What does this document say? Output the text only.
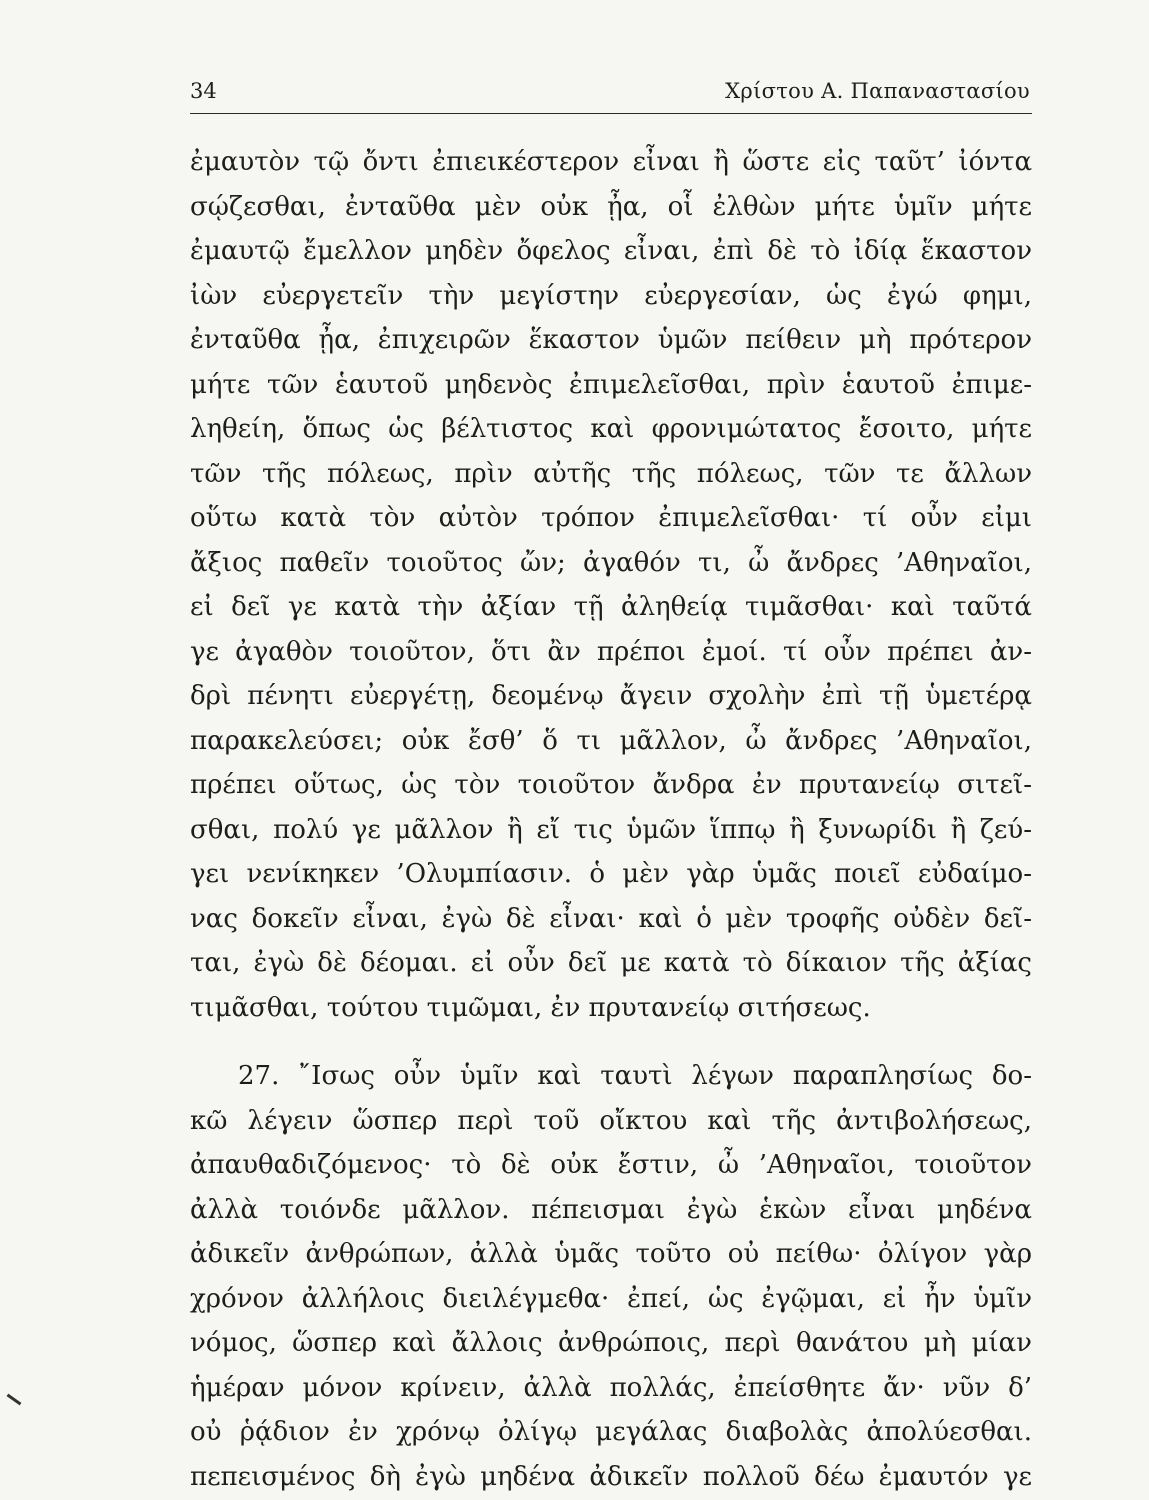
34	Χρίστου Α. Παπαναστασίου
ἐμαυτὸν τῷ ὄντι ἐπιεικέστερον εἶναι ἢ ὥστε εἰς ταῦτ’ ἰόντα
σῴζεσθαι, ἐνταῦθα μὲν οὐκ ᾖα, οἷ ἐλθὼν μήτε ὑμῖν μήτε
ἐμαυτῷ ἔμελλον μηδὲν ὄφελος εἶναι, ἐπὶ δὲ τὸ ἰδίᾳ ἕκαστον
ἰὼν εὐεργετεῖν τὴν μεγίστην εὐεργεσίαν, ὡς ἐγώ φημι,
ἐνταῦθα ᾖα, ἐπιχειρῶν ἕκαστον ὑμῶν πείθειν μὴ πρότερον
μήτε τῶν ἑαυτοῦ μηδενὸς ἐπιμελεῖσθαι, πρὶν ἑαυτοῦ ἐπιμε-
ληθείη, ὅπως ὡς βέλτιστος καὶ φρονιμώτατος ἔσοιτο, μήτε
τῶν τῆς πόλεως, πρὶν αὐτῆς τῆς πόλεως, τῶν τε ἄλλων
οὕτω κατὰ τὸν αὐτὸν τρόπον ἐπιμελεῖσθαι· τί οὖν εἰμι
ἄξιος παθεῖν τοιοῦτος ὤν; ἀγαθόν τι, ὦ ἄνδρες ’Αθηναῖοι,
εἰ δεῖ γε κατὰ τὴν ἀξίαν τῇ ἀληθείᾳ τιμᾶσθαι· καὶ ταῦτά
γε ἀγαθὸν τοιοῦτον, ὅτι ἂν πρέποι ἐμοί. τί οὖν πρέπει ἀν-
δρὶ πένητι εὐεργέτῃ, δεομένῳ ἄγειν σχολὴν ἐπὶ τῇ ὑμετέρᾳ
παρακελεύσει; οὐκ ἔσθ’ ὅ τι μᾶλλον, ὦ ἄνδρες ’Αθηναῖοι,
πρέπει οὕτως, ὡς τὸν τοιοῦτον ἄνδρα ἐν πρυτανείῳ σιτεῖ-
σθαι, πολύ γε μᾶλλον ἢ εἴ τις ὑμῶν ἵππῳ ἢ ξυνωρίδι ἢ ζεύ-
γει νενίκηκεν ’Ολυμπίασιν. ὁ μὲν γὰρ ὑμᾶς ποιεῖ εὐδαίμο-
νας δοκεῖν εἶναι, ἐγὼ δὲ εἶναι· καὶ ὁ μὲν τροφῆς οὐδὲν δεῖ-
ται, ἐγὼ δὲ δέομαι. εἰ οὖν δεῖ με κατὰ τὸ δίκαιον τῆς ἀξίας
τιμᾶσθαι, τούτου τιμῶμαι, ἐν πρυτανείῳ σιτήσεως.
27. ῎Ισως οὖν ὑμῖν καὶ ταυτὶ λέγων παραπλησίως δο-
κῶ λέγειν ὥσπερ περὶ τοῦ οἴκτου καὶ τῆς ἀντιβολήσεως,
ἀπαυθαδιζόμενος· τὸ δὲ οὐκ ἔστιν, ὦ ’Αθηναῖοι, τοιοῦτον
ἀλλὰ τοιόνδε μᾶλλον. πέπεισμαι ἐγὼ ἑκὼν εἶναι μηδένα
ἀδικεῖν ἀνθρώπων, ἀλλὰ ὑμᾶς τοῦτο οὐ πείθω· ὀλίγον γὰρ
χρόνον ἀλλήλοις διειλέγμεθα· ἐπεί, ὡς ἐγῷμαι, εἰ ἦν ὑμῖν
νόμος, ὥσπερ καὶ ἄλλοις ἀνθρώποις, περὶ θανάτου μὴ μίαν
ἡμέραν μόνον κρίνειν, ἀλλὰ πολλάς, ἐπείσθητε ἄν· νῦν δ’
οὐ ῥᾴδιον ἐν χρόνῳ ὀλίγῳ μεγάλας διαβολὰς ἀπολύεσθαι.
πεπεισμένος δὴ ἐγὼ μηδένα ἀδικεῖν πολλοῦ δέω ἐμαυτόν γε
